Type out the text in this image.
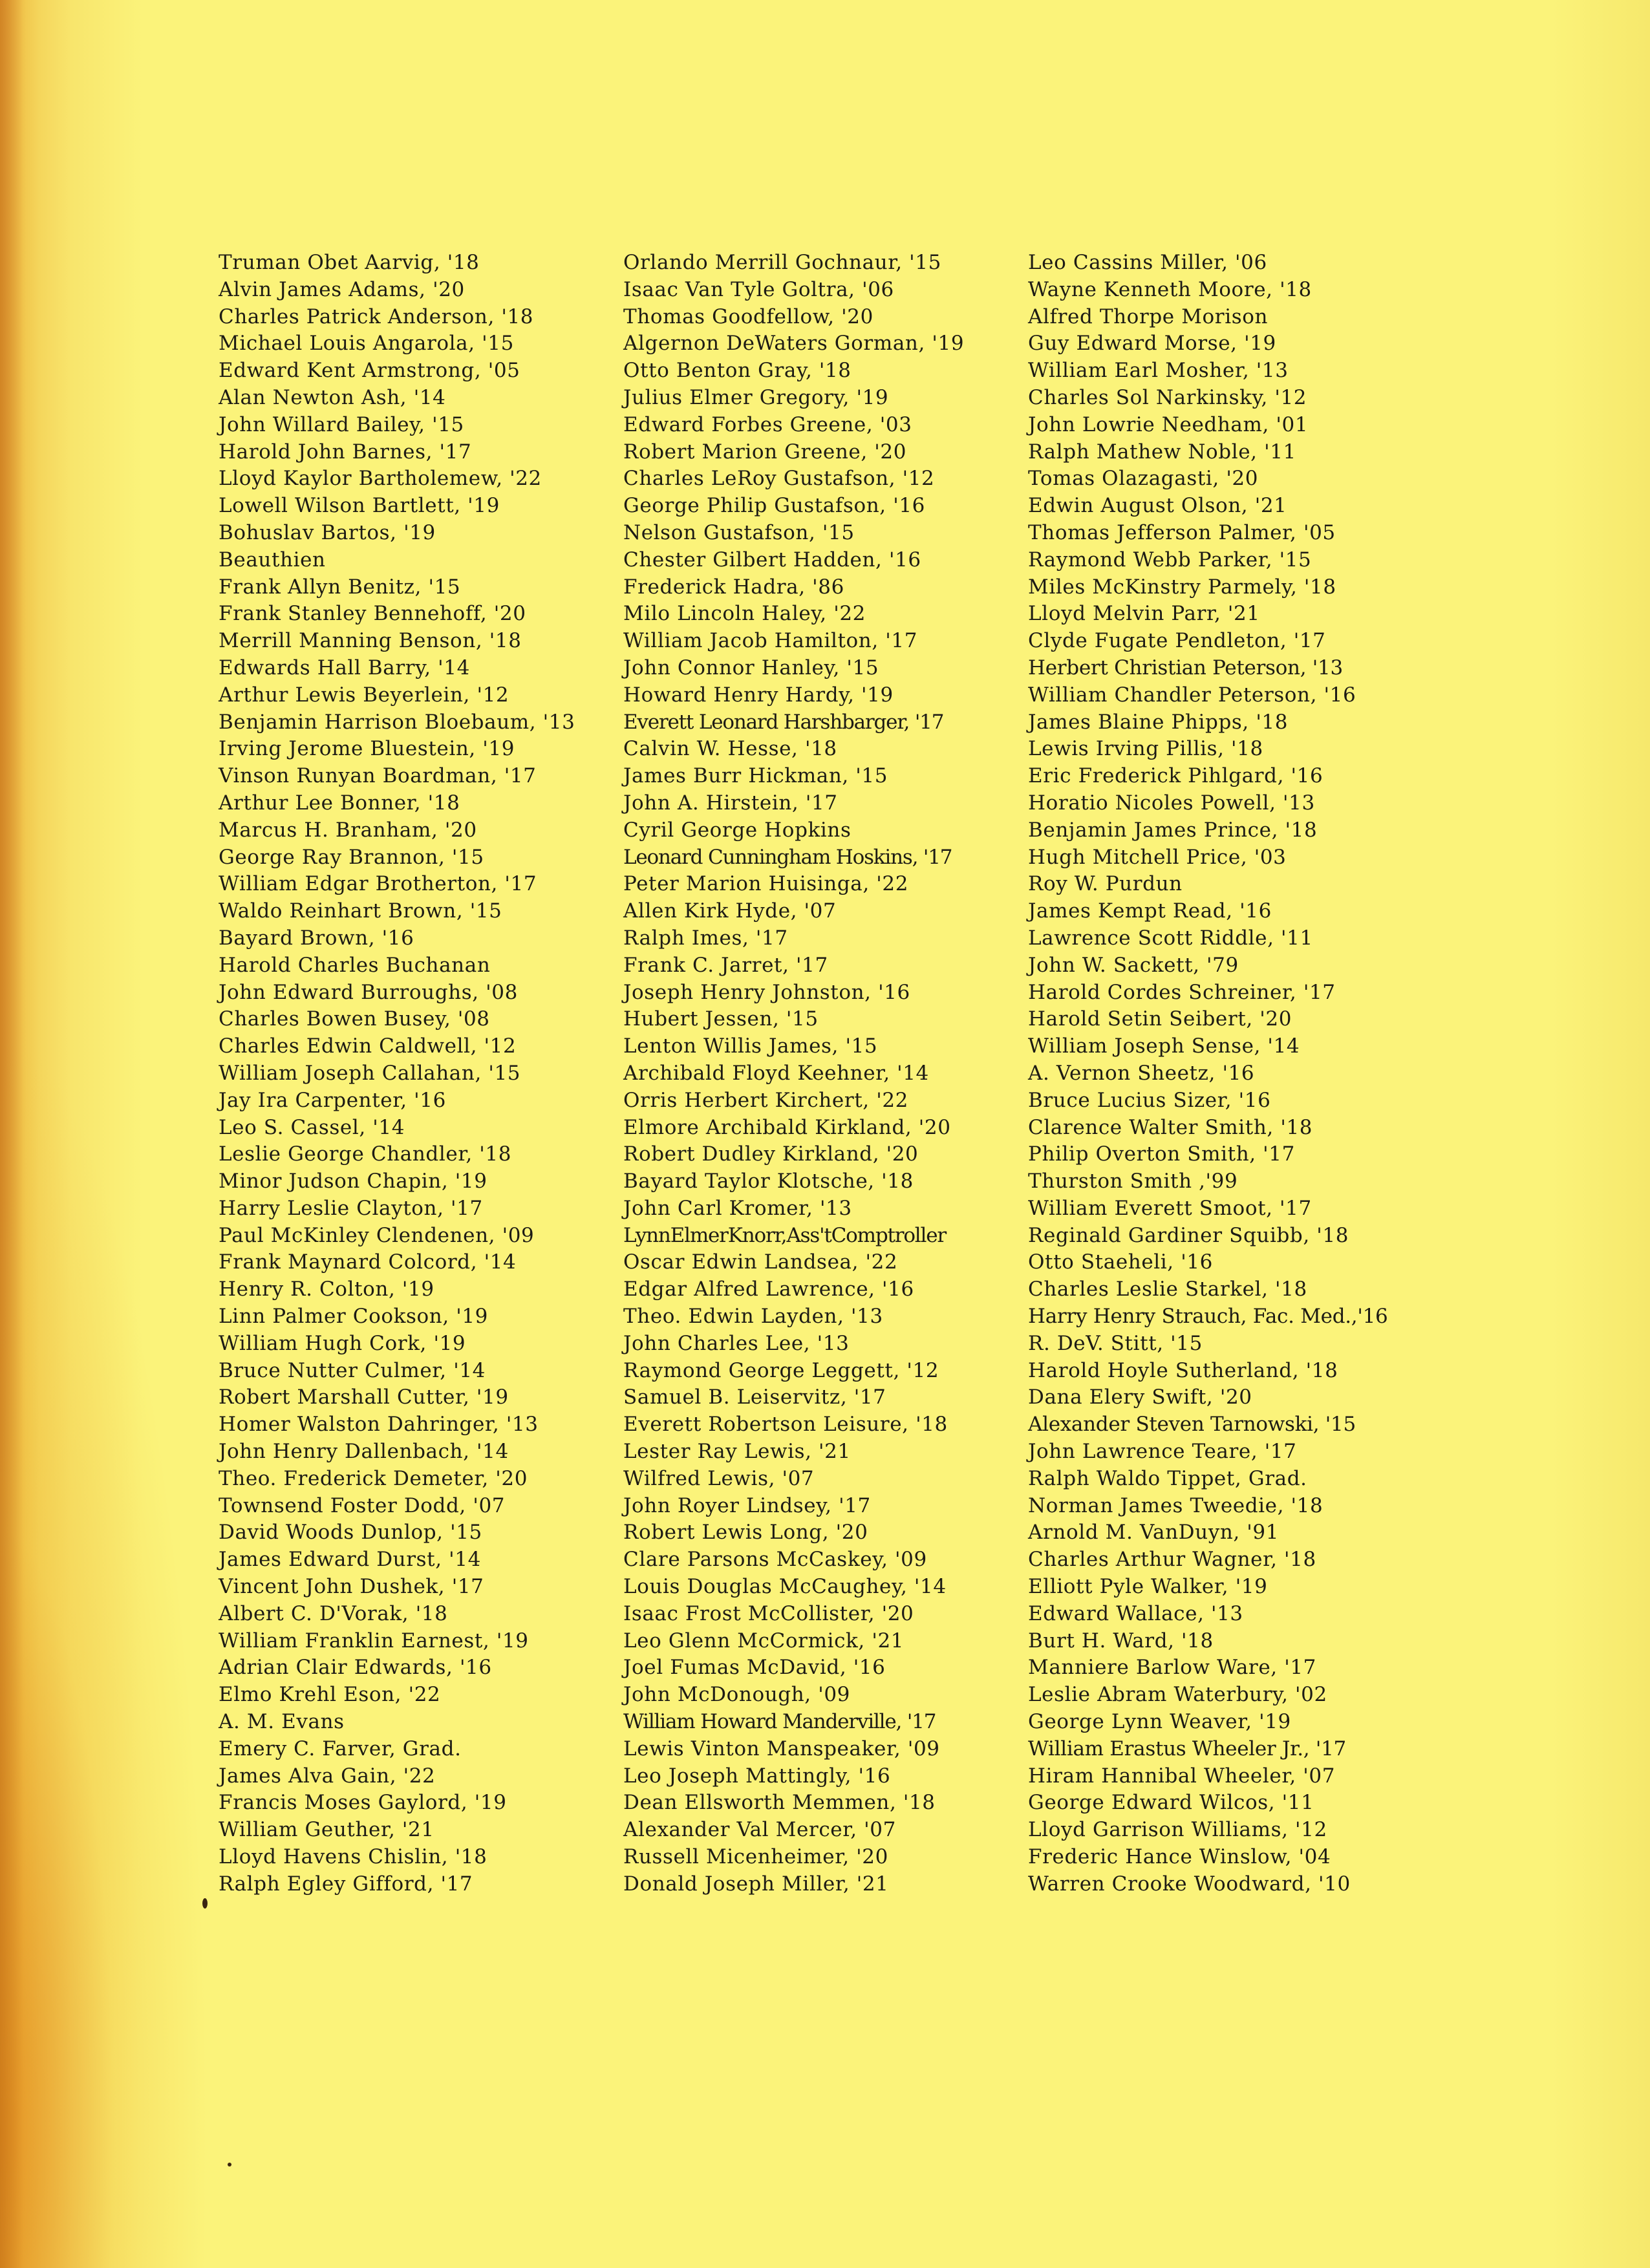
Truman Obet Aarvig, '18
Alvin James Adams, '20
Charles Patrick Anderson, '18
Michael Louis Angarola, '15
Edward Kent Armstrong, '05
Alan Newton Ash, '14
John Willard Bailey, '15
Harold John Barnes, '17
Lloyd Kaylor Bartholemew, '22
Lowell Wilson Bartlett, '19
Bohuslav Bartos, '19
Beauthien
Frank Allyn Benitz, '15
Frank Stanley Bennehoff, '20
Merrill Manning Benson, '18
Edwards Hall Barry, '14
Arthur Lewis Beyerlein, '12
Benjamin Harrison Bloebaum, '13
Irving Jerome Bluestein, '19
Vinson Runyan Boardman, '17
Arthur Lee Bonner, '18
Marcus H. Branham, '20
George Ray Brannon, '15
William Edgar Brotherton, '17
Waldo Reinhart Brown, '15
Bayard Brown, '16
Harold Charles Buchanan
John Edward Burroughs, '08
Charles Bowen Busey, '08
Charles Edwin Caldwell, '12
William Joseph Callahan, '15
Jay Ira Carpenter, '16
Leo S. Cassel, '14
Leslie George Chandler, '18
Minor Judson Chapin, '19
Harry Leslie Clayton, '17
Paul McKinley Clendenen, '09
Frank Maynard Colcord, '14
Henry R. Colton, '19
Linn Palmer Cookson, '19
William Hugh Cork, '19
Bruce Nutter Culmer, '14
Robert Marshall Cutter, '19
Homer Walston Dahringer, '13
John Henry Dallenbach, '14
Theo. Frederick Demeter, '20
Townsend Foster Dodd, '07
David Woods Dunlop, '15
James Edward Durst, '14
Vincent John Dushek, '17
Albert C. D'Vorak, '18
William Franklin Earnest, '19
Adrian Clair Edwards, '16
Elmo Krehl Eson, '22
A. M. Evans
Emery C. Farver, Grad.
James Alva Gain, '22
Francis Moses Gaylord, '19
William Geuther, '21
Lloyd Havens Chislin, '18
Ralph Egley Gifford, '17
Orlando Merrill Gochnaur, '15
Isaac Van Tyle Goltra, '06
Thomas Goodfellow, '20
Algernon DeWaters Gorman, '19
Otto Benton Gray, '18
Julius Elmer Gregory, '19
Edward Forbes Greene, '03
Robert Marion Greene, '20
Charles LeRoy Gustafson, '12
George Philip Gustafson, '16
Nelson Gustafson, '15
Chester Gilbert Hadden, '16
Frederick Hadra, '86
Milo Lincoln Haley, '22
William Jacob Hamilton, '17
John Connor Hanley, '15
Howard Henry Hardy, '19
Everett Leonard Harshbarger, '17
Calvin W. Hesse, '18
James Burr Hickman, '15
John A. Hirstein, '17
Cyril George Hopkins
Leonard Cunningham Hoskins, '17
Peter Marion Huisinga, '22
Allen Kirk Hyde, '07
Ralph Imes, '17
Frank C. Jarret, '17
Joseph Henry Johnston, '16
Hubert Jessen, '15
Lenton Willis James, '15
Archibald Floyd Keehner, '14
Orris Herbert Kirchert, '22
Elmore Archibald Kirkland, '20
Robert Dudley Kirkland, '20
Bayard Taylor Klotsche, '18
John Carl Kromer, '13
LynnElmerKnorr,Ass'tComptroller
Oscar Edwin Landsea, '22
Edgar Alfred Lawrence, '16
Theo. Edwin Layden, '13
John Charles Lee, '13
Raymond George Leggett, '12
Samuel B. Leiservitz, '17
Everett Robertson Leisure, '18
Lester Ray Lewis, '21
Wilfred Lewis, '07
John Royer Lindsey, '17
Robert Lewis Long, '20
Clare Parsons McCaskey, '09
Louis Douglas McCaughey, '14
Isaac Frost McCollister, '20
Leo Glenn McCormick, '21
Joel Fumas McDavid, '16
John McDonough, '09
William Howard Manderville, '17
Lewis Vinton Manspeaker, '09
Leo Joseph Mattingly, '16
Dean Ellsworth Memmen, '18
Alexander Val Mercer, '07
Russell Micenheimer, '20
Donald Joseph Miller, '21
Leo Cassins Miller, '06
Wayne Kenneth Moore, '18
Alfred Thorpe Morison
Guy Edward Morse, '19
William Earl Mosher, '13
Charles Sol Narkinsky, '12
John Lowrie Needham, '01
Ralph Mathew Noble, '11
Tomas Olazagasti, '20
Edwin August Olson, '21
Thomas Jefferson Palmer, '05
Raymond Webb Parker, '15
Miles McKinstry Parmely, '18
Lloyd Melvin Parr, '21
Clyde Fugate Pendleton, '17
Herbert Christian Peterson, '13
William Chandler Peterson, '16
James Blaine Phipps, '18
Lewis Irving Pillis, '18
Eric Frederick Pihlgard, '16
Horatio Nicoles Powell, '13
Benjamin James Prince, '18
Hugh Mitchell Price, '03
Roy W. Purdun
James Kempt Read, '16
Lawrence Scott Riddle, '11
John W. Sackett, '79
Harold Cordes Schreiner, '17
Harold Setin Seibert, '20
William Joseph Sense, '14
A. Vernon Sheetz, '16
Bruce Lucius Sizer, '16
Clarence Walter Smith, '18
Philip Overton Smith, '17
Thurston Smith ,'99
William Everett Smoot, '17
Reginald Gardiner Squibb, '18
Otto Staeheli, '16
Charles Leslie Starkel, '18
Harry Henry Strauch, Fac. Med.,'16
R. DeV. Stitt, '15
Harold Hoyle Sutherland, '18
Dana Elery Swift, '20
Alexander Steven Tarnowski, '15
John Lawrence Teare, '17
Ralph Waldo Tippet, Grad.
Norman James Tweedie, '18
Arnold M. VanDuyn, '91
Charles Arthur Wagner, '18
Elliott Pyle Walker, '19
Edward Wallace, '13
Burt H. Ward, '18
Manniere Barlow Ware, '17
Leslie Abram Waterbury, '02
George Lynn Weaver, '19
William Erastus Wheeler Jr., '17
Hiram Hannibal Wheeler, '07
George Edward Wilcos, '11
Lloyd Garrison Williams, '12
Frederic Hance Winslow, '04
Warren Crooke Woodward, '10
